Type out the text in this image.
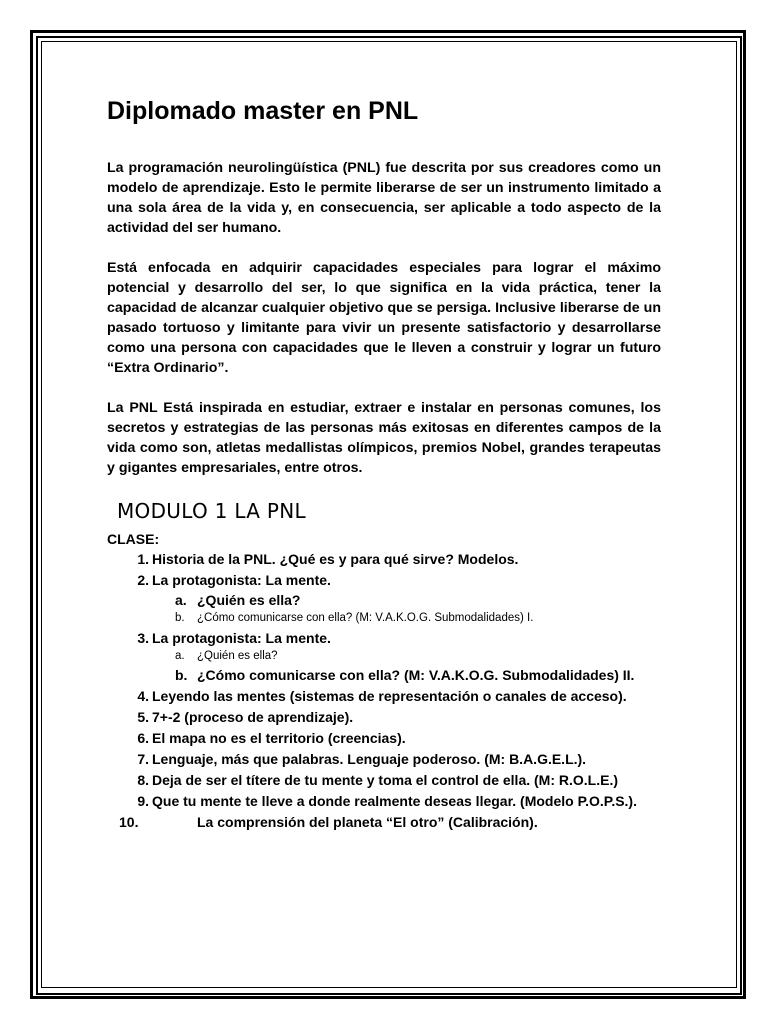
Diplomado master en PNL

La programación neurolingüística (PNL) fue descrita por sus creadores como un modelo de aprendizaje. Esto le permite liberarse de ser un instrumento limitado a una sola área de la vida y, en consecuencia, ser aplicable a todo aspecto de la actividad del ser humano.

Está enfocada en adquirir capacidades especiales para lograr el máximo potencial y desarrollo del ser, lo que significa en la vida práctica, tener la capacidad de alcanzar cualquier objetivo que se persiga. Inclusive liberarse de un pasado tortuoso y limitante para vivir un presente satisfactorio y desarrollarse como una persona con capacidades que le lleven a construir y lograr un futuro “Extra Ordinario”.

La PNL Está inspirada en estudiar, extraer e instalar en personas comunes, los secretos y estrategias de las personas más exitosas en diferentes campos de la vida como son, atletas medallistas olímpicos, premios Nobel, grandes terapeutas y gigantes empresariales, entre otros.

MODULO 1 LA PNL
CLASE:
1. Historia de la PNL. ¿Qué es y para qué sirve? Modelos.
2. La protagonista: La mente.
a. ¿Quién es ella?
b. ¿Cómo comunicarse con ella? (M: V.A.K.O.G. Submodalidades) I.
3. La protagonista: La mente.
a. ¿Quién es ella?
b. ¿Cómo comunicarse con ella? (M: V.A.K.O.G. Submodalidades) II.
4. Leyendo las mentes (sistemas de representación o canales de acceso).
5. 7+-2 (proceso de aprendizaje).
6. El mapa no es el territorio (creencias).
7. Lenguaje, más que palabras. Lenguaje poderoso. (M: B.A.G.E.L.).
8. Deja de ser el títere de tu mente y toma el control de ella. (M: R.O.L.E.)
9. Que tu mente te lleve a donde realmente deseas llegar. (Modelo P.O.P.S.).
10.	La comprensión del planeta “El otro” (Calibración).
